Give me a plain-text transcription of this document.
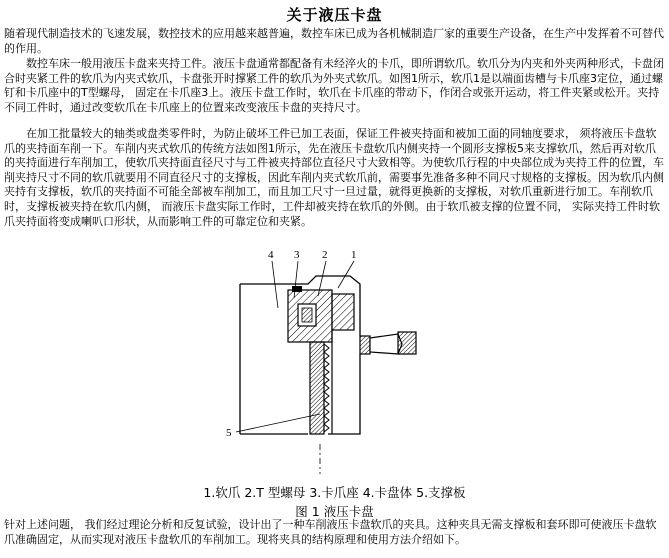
关于液压卡盘

随着现代制造技术的飞速发展，数控技术的应用越来越普遍，数控车床已成为各机械制造厂家的重要生产设备，在生产中发挥着不可替代的作用。

数控车床一般用液压卡盘来夹持工件。液压卡盘通常都配备有未经淬火的卡爪，即所谓软爪。软爪分为内夹和外夹两种形式，卡盘闭合时夹紧工件的软爪为内夹式软爪，卡盘张开时撑紧工件的软爪为外夹式软爪。如图1所示，软爪1是以端面齿槽与卡爪座3定位，通过螺钉和卡爪座中的T型螺母， 固定在卡爪座3上。液压卡盘工作时，软爪在卡爪座的带动下，作闭合或张开运动，将工件夹紧或松开。夹持不同工件时，通过改变软爪在卡爪座上的位置来改变液压卡盘的夹持尺寸。

在加工批量较大的轴类或盘类零件时，为防止破坏工件已加工表面，保证工件被夹持面和被加工面的同轴度要求， 须将液压卡盘软爪的夹持面车削一下。车削内夹式软爪的传统方法如图1所示，先在液压卡盘软爪内侧夹持一个圆形支撑板5来支撑软爪，然后再对软爪的夹持面进行车削加工，使软爪夹持面直径尺寸与工件被夹持部位直径尺寸大致相等。为使软爪行程的中央部位成为夹持工件的位置，车削夹持尺寸不同的软爪就要用不同直径尺寸的支撑板，因此车削内夹式软爪前，需要事先准备多种不同尺寸规格的支撑板。因为软爪内侧夹持有支撑板，软爪的夹持面不可能全部被车削加工，而且加工尺寸一旦过量，就得更换新的支撑板，对软爪重新进行加工。车削软爪时，支撑板被夹持在软爪内侧， 而液压卡盘实际工作时，工件却被夹持在软爪的外侧。由于软爪被支撑的位置不同， 实际夹持工件时软爪夹持面将变成喇叭口形状，从而影响工件的可靠定位和夹紧。

4 3 2 1
5
1.软爪 2.T 型螺母 3.卡爪座 4.卡盘体 5.支撑板
图 1 液压卡盘

针对上述问题， 我们经过理论分析和反复试验，设计出了一种车削液压卡盘软爪的夹具。这种夹具无需支撑板和套环即可使液压卡盘软爪准确固定，从而实现对液压卡盘软爪的车削加工。现将夹具的结构原理和使用方法介绍如下。
